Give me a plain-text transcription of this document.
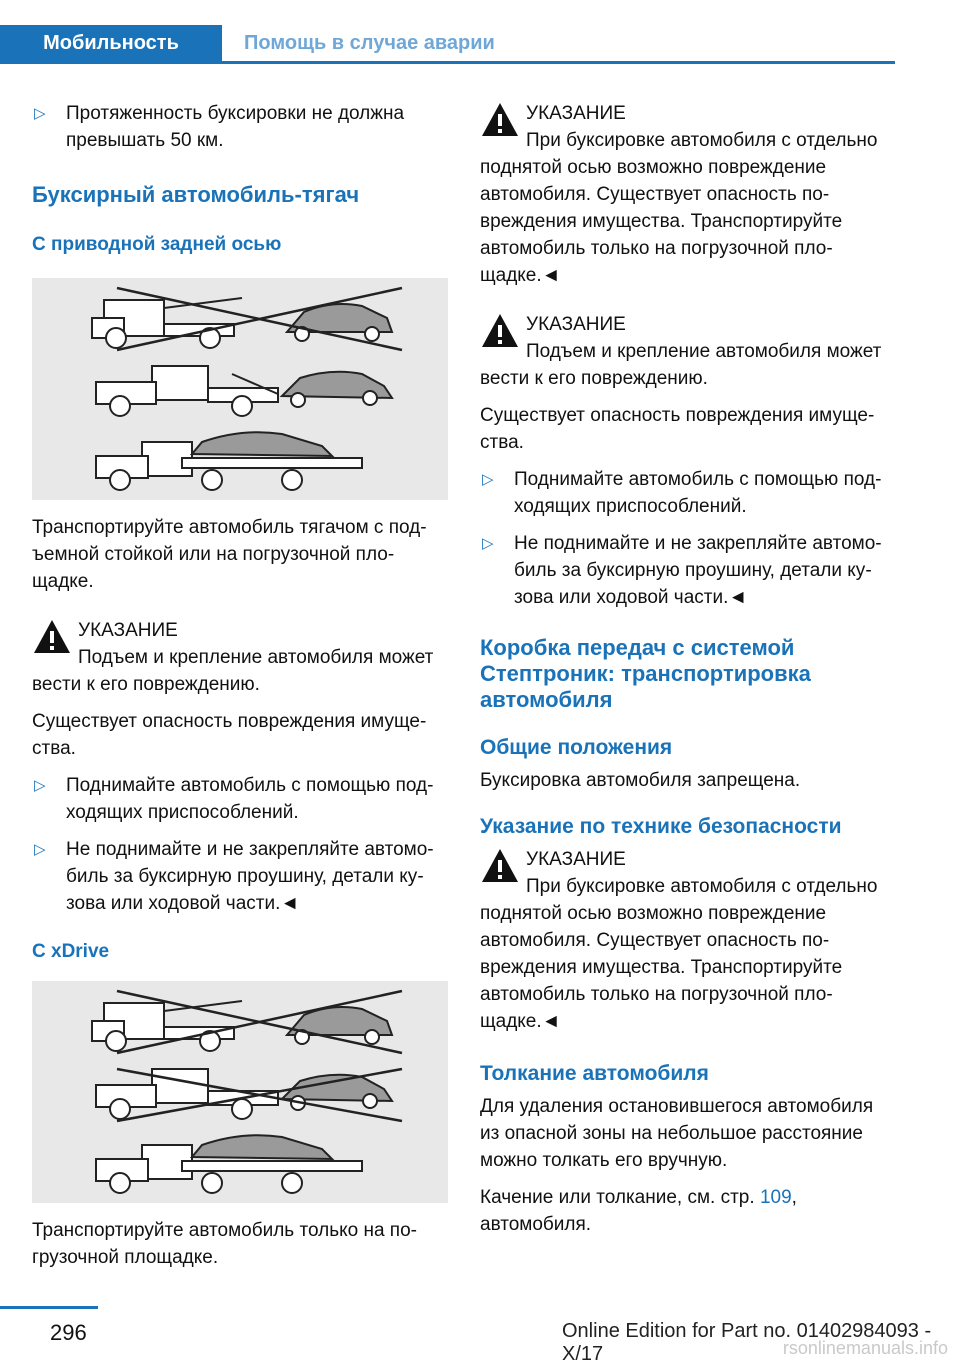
Мобильность	Помощь в случае аварии
▷ Протяженность буксировки не должна превышать 50 км.
Буксирный автомобиль-тягач
С приводной задней осью

Транспортируйте автомобиль тягачом с подъемной стойкой или на погрузочной площадке.

УКАЗАНИЕ

Подъем и крепление автомобиля может вести к его повреждению.

Существует опасность повреждения имущества.

▷ Поднимайте автомобиль с помощью подходящих приспособлений.
▷ Не поднимайте и не закрепляйте автомобиль за буксирную проушину, детали кузова или ходовой части.◄
С xDrive

Транспортируйте автомобиль только на погрузочной площадке.

УКАЗАНИЕ

При буксировке автомобиля с отдельно поднятой осью возможно повреждение автомобиля. Существует опасность повреждения имущества. Транспортируйте автомобиль только на погрузочной площадке.◄

УКАЗАНИЕ

Подъем и крепление автомобиля может вести к его повреждению.

Существует опасность повреждения имущества.

▷ Поднимайте автомобиль с помощью подходящих приспособлений.
▷ Не поднимайте и не закрепляйте автомобиль за буксирную проушину, детали кузова или ходовой части.◄
Коробка передач с системой Стептроник: транспортировка автомобиля
Общие положения

Буксировка автомобиля запрещена.

Указание по технике безопасности

УКАЗАНИЕ

При буксировке автомобиля с отдельно поднятой осью возможно повреждение автомобиля. Существует опасность повреждения имущества. Транспортируйте автомобиль только на погрузочной площадке.◄

Толкание автомобиля

Для удаления остановившегося автомобиля из опасной зоны на небольшое расстояние можно толкать его вручную.

Качение или толкание, см. стр. 109, автомобиля.

296	Online Edition for Part no. 01402984093 - X/17	rsonlinemanuals.info
